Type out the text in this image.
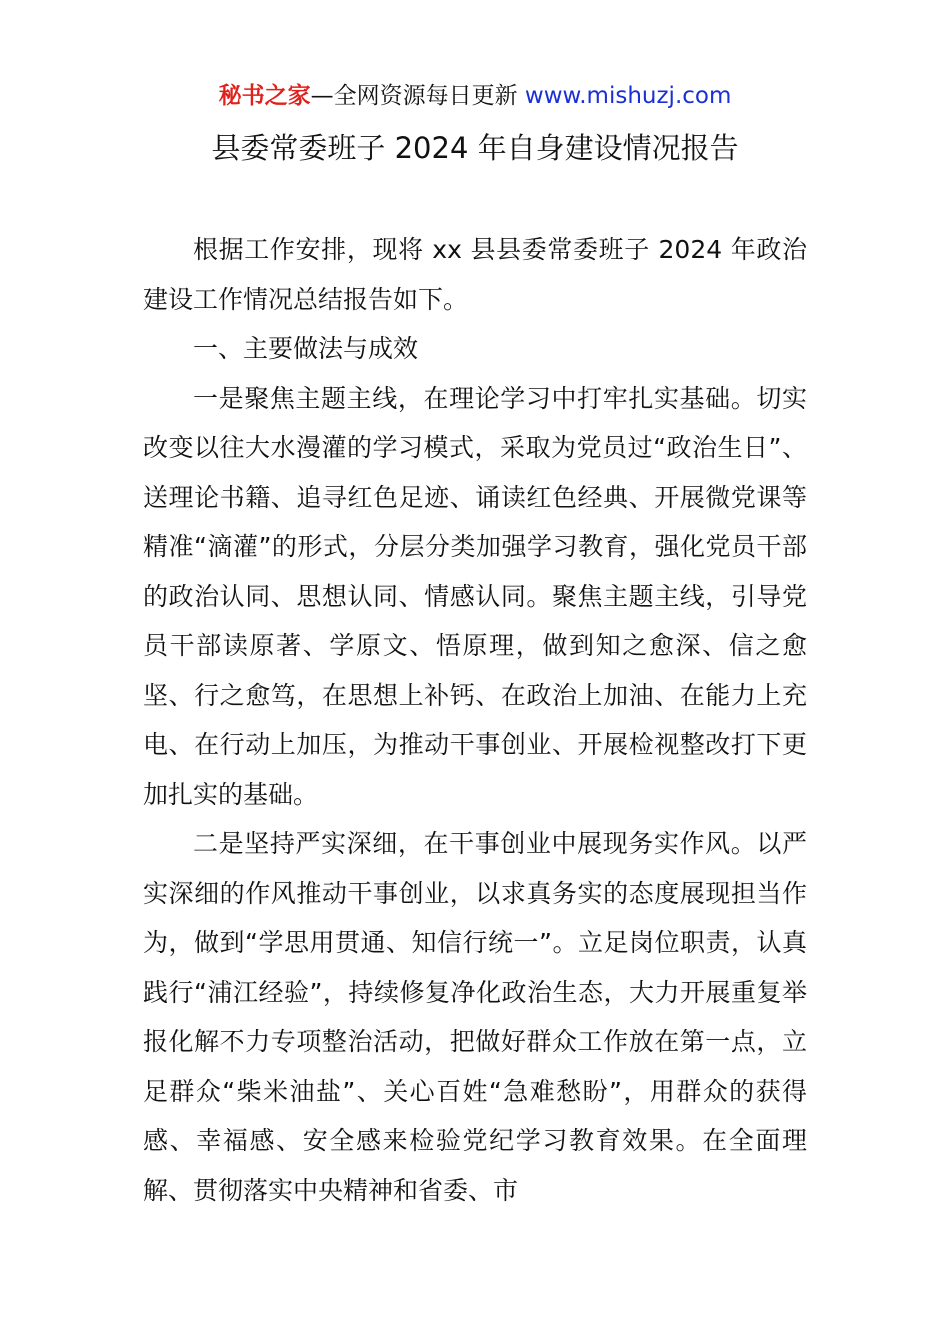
秘书之家—全网资源每日更新 www.mishuzj.com
县委常委班子 2024 年自身建设情况报告

根据工作安排，现将 xx 县县委常委班子 2024 年政治建设工作情况总结报告如下。

一、主要做法与成效

一是聚焦主题主线，在理论学习中打牢扎实基础。切实改变以往大水漫灌的学习模式，采取为党员过“政治生日”、送理论书籍、追寻红色足迹、诵读红色经典、开展微党课等精准“滴灌”的形式，分层分类加强学习教育，强化党员干部的政治认同、思想认同、情感认同。聚焦主题主线，引导党员干部读原著、学原文、悟原理，做到知之愈深、信之愈坚、行之愈笃，在思想上补钙、在政治上加油、在能力上充电、在行动上加压，为推动干事创业、开展检视整改打下更加扎实的基础。

二是坚持严实深细，在干事创业中展现务实作风。以严实深细的作风推动干事创业，以求真务实的态度展现担当作为，做到“学思用贯通、知信行统一”。立足岗位职责，认真践行“浦江经验”，持续修复净化政治生态，大力开展重复举报化解不力专项整治活动，把做好群众工作放在第一点，立足群众“柴米油盐”、关心百姓“急难愁盼”，用群众的获得感、幸福感、安全感来检验党纪学习教育效果。在全面理解、贯彻落实中央精神和省委、市
